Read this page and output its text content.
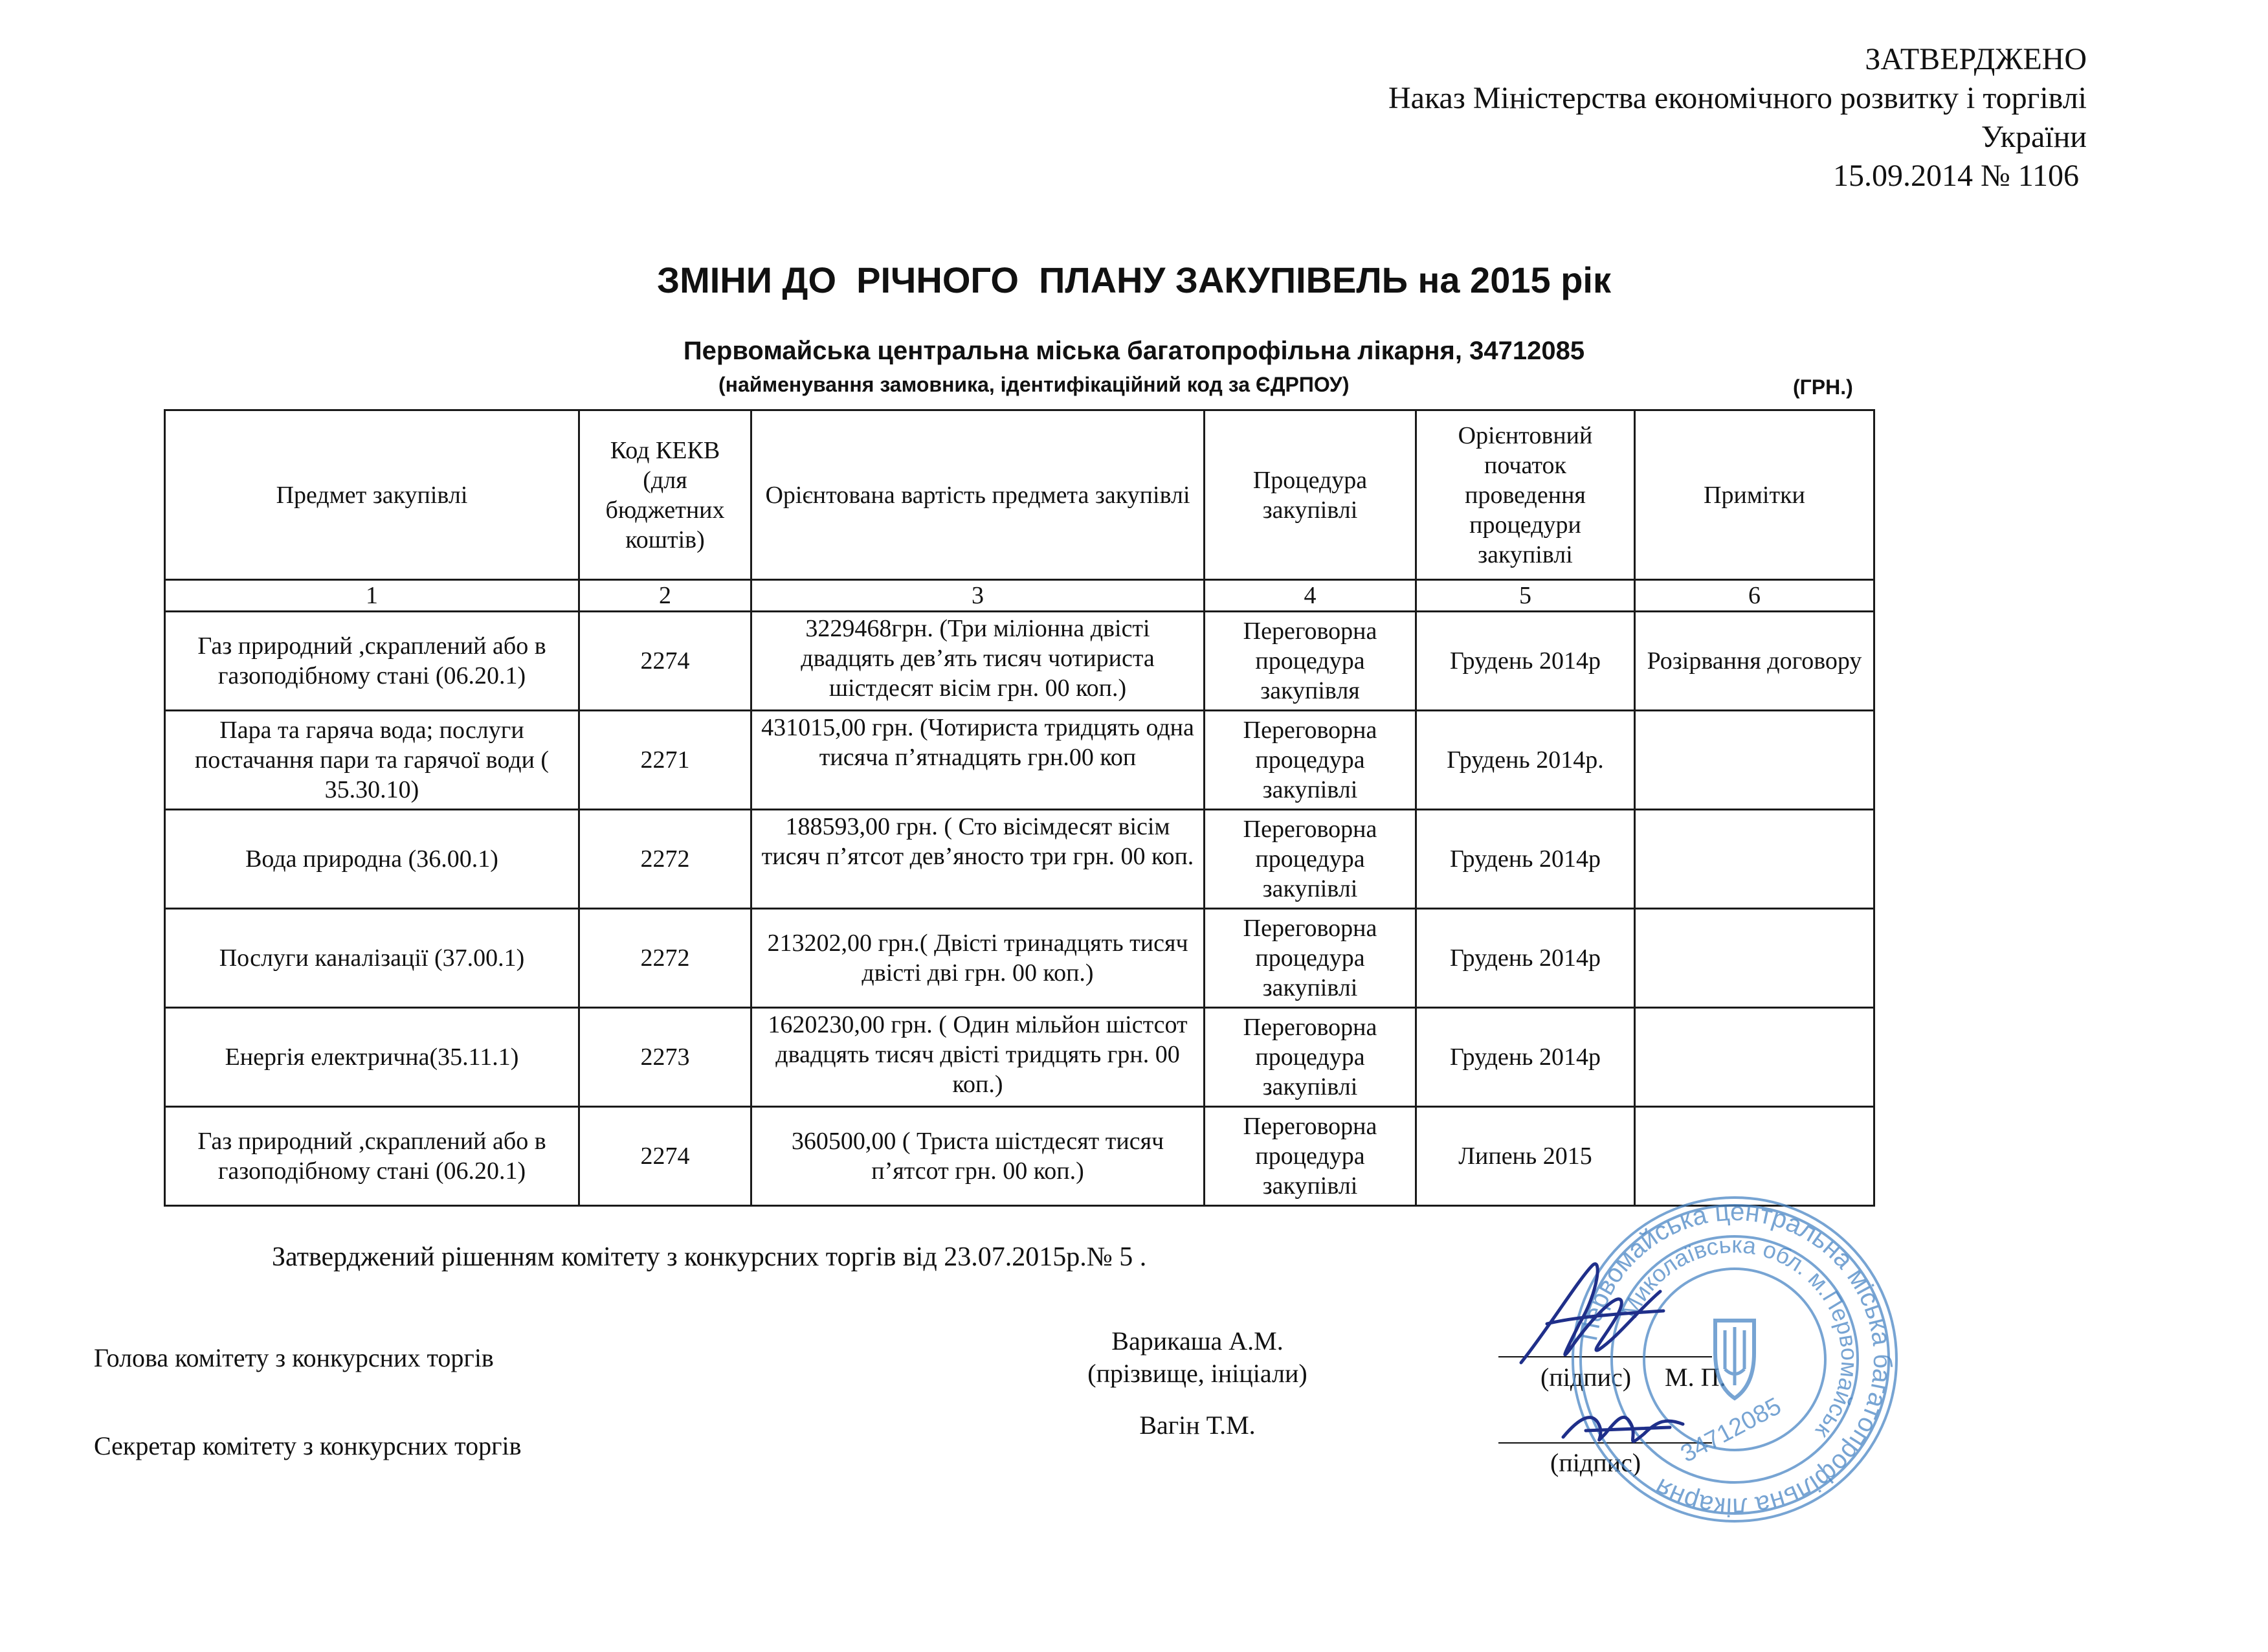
ЗАТВЕРДЖЕНО
Наказ Міністерства економічного розвитку і торгівлі
України
15.09.2014 № 1106
ЗМІНИ ДО  РІЧНОГО  ПЛАНУ ЗАКУПІВЕЛЬ на 2015 рік
Первомайська центральна міська багатопрофільна лікарня, 34712085
(найменування замовника, ідентифікаційний код за ЄДРПОУ)	(ГРН.)
Предмет закупівлі	Код КЕКВ (для бюджетних коштів)	Орієнтована вартість предмета закупівлі	Процедура закупівлі	Орієнтовний початок проведення процедури закупівлі	Примітки
1	2	3	4	5	6
Газ природний ,скраплений або в газоподібному стані (06.20.1)	2274	3229468грн. (Три міліонна двісті двадцять дев’ять тисяч чотириста шістдесят вісім грн. 00 коп.)	Переговорна процедура закупівля	Грудень 2014р	Розірвання договору
Пара та гаряча вода; послуги постачання пари та гарячої води ( 35.30.10)	2271	431015,00 грн. (Чотириста тридцять одна тисяча п’ятнадцять грн.00 коп	Переговорна процедура закупівлі	Грудень 2014р.	
Вода природна (36.00.1)	2272	188593,00 грн. ( Сто вісімдесят вісім тисяч п’ятсот дев’яносто три грн. 00 коп.	Переговорна процедура закупівлі	Грудень 2014р	
Послуги каналізації (37.00.1)	2272	213202,00 грн.( Двісті тринадцять тисяч двісті дві грн. 00 коп.)	Переговорна процедура закупівлі	Грудень 2014р	
Енергія електрична(35.11.1)	2273	1620230,00 грн. ( Один мільйон шістсот двадцять тисяч двісті тридцять грн. 00 коп.)	Переговорна процедура закупівлі	Грудень 2014р	
Газ природний ,скраплений або в газоподібному стані (06.20.1)	2274	360500,00 ( Триста шістдесят тисяч п’ятсот грн. 00 коп.)	Переговорна процедура закупівлі	Липень 2015	
Затверджений рішенням комітету з конкурсних торгів від 23.07.2015р.№ 5 .
Голова комітету з конкурсних торгів
Варикаша А.М.
(прізвище, ініціали)	(підпис) М. П.
Секретар комітету з конкурсних торгів
Вагін Т.М.
(підпис)
Первомайська центральна міська багатопрофільна лікарня
Миколаївська обл. м.Первомайськ
34712085
